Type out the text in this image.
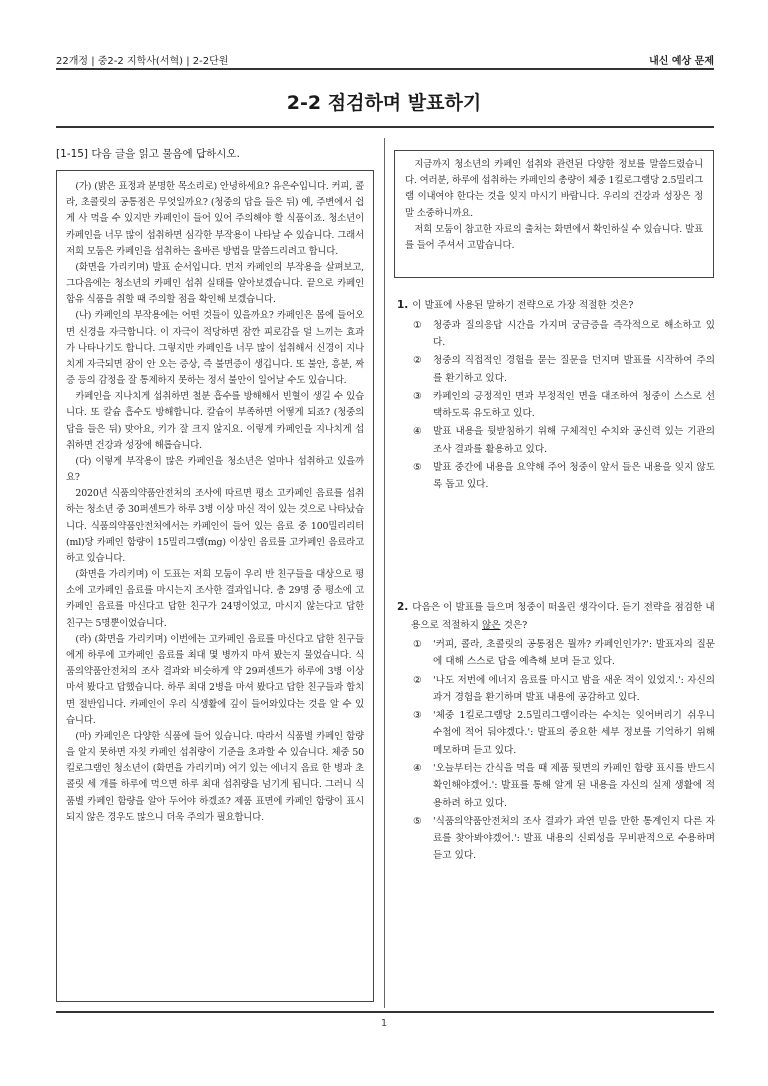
22개정 | 중2-2 지학사(서혁) | 2-2단원	내신 예상 문제
2-2 점검하며 발표하기
[1-15] 다음 글을 읽고 물음에 답하시오.

(가) (밝은 표정과 분명한 목소리로) 안녕하세요? 유은수입니다. 커피, 콜라, 초콜릿의 공통점은 무엇일까요? (청중의 답을 들은 뒤) 예, 주변에서 쉽게 사 먹을 수 있지만 카페인이 들어 있어 주의해야 할 식품이죠. 청소년이 카페인을 너무 많이 섭취하면 심각한 부작용이 나타날 수 있습니다. 그래서 저희 모둠은 카페인을 섭취하는 올바른 방법을 말씀드리려고 합니다.

(화면을 가리키며) 발표 순서입니다. 먼저 카페인의 부작용을 살펴보고, 그다음에는 청소년의 카페인 섭취 실태를 알아보겠습니다. 끝으로 카페인 함유 식품을 취할 때 주의할 점을 확인해 보겠습니다.

(나) 카페인의 부작용에는 어떤 것들이 있을까요? 카페인은 몸에 들어오면 신경을 자극합니다. 이 자극이 적당하면 잠깐 피로감을 덜 느끼는 효과가 나타나기도 합니다. 그렇지만 카페인을 너무 많이 섭취해서 신경이 지나치게 자극되면 잠이 안 오는 증상, 즉 불면증이 생깁니다. 또 불안, 흥분, 짜증 등의 감정을 잘 통제하지 못하는 정서 불안이 일어날 수도 있습니다.

카페인을 지나치게 섭취하면 철분 흡수를 방해해서 빈혈이 생길 수 있습니다. 또 칼슘 흡수도 방해합니다. 칼슘이 부족하면 어떻게 되죠? (청중의 답을 들은 뒤) 맞아요, 키가 잘 크지 않지요. 이렇게 카페인을 지나치게 섭취하면 건강과 성장에 해롭습니다.

(다) 이렇게 부작용이 많은 카페인을 청소년은 얼마나 섭취하고 있을까요?

2020년 식품의약품안전처의 조사에 따르면 평소 고카페인 음료를 섭취하는 청소년 중 30퍼센트가 하루 3병 이상 마신 적이 있는 것으로 나타났습니다. 식품의약품안전처에서는 카페인이 들어 있는 음료 중 100밀리리터(ml)당 카페인 함량이 15밀리그램(mg) 이상인 음료를 고카페인 음료라고 하고 있습니다.

(화면을 가리키며) 이 도표는 저희 모둠이 우리 반 친구들을 대상으로 평소에 고카페인 음료를 마시는지 조사한 결과입니다. 총 29명 중 평소에 고카페인 음료를 마신다고 답한 친구가 24명이었고, 마시지 않는다고 답한 친구는 5명뿐이었습니다.

(라) (화면을 가리키며) 이번에는 고카페인 음료를 마신다고 답한 친구들에게 하루에 고카페인 음료를 최대 몇 병까지 마셔 봤는지 물었습니다. 식품의약품안전처의 조사 결과와 비슷하게 약 29퍼센트가 하루에 3병 이상 마셔 봤다고 답했습니다. 하루 최대 2병을 마셔 봤다고 답한 친구들과 합치면 절반입니다. 카페인이 우리 식생활에 깊이 들어와있다는 것을 알 수 있습니다.

(마) 카페인은 다양한 식품에 들어 있습니다. 따라서 식품별 카페인 함량을 알지 못하면 자칫 카페인 섭취량이 기준을 초과할 수 있습니다. 체중 50킬로그램인 청소년이 (화면을 가리키며) 여기 있는 에너지 음료 한 병과 초콜릿 세 개를 하루에 먹으면 하루 최대 섭취량을 넘기게 됩니다. 그러니 식품별 카페인 함량을 알아 두어야 하겠죠? 제품 표면에 카페인 함량이 표시되지 않은 경우도 많으니 더욱 주의가 필요합니다.

지금까지 청소년의 카페인 섭취와 관련된 다양한 정보를 말씀드렸습니다. 여러분, 하루에 섭취하는 카페인의 총량이 체중 1킬로그램당 2.5밀리그램 이내여야 한다는 것을 잊지 마시기 바랍니다. 우리의 건강과 성장은 정말 소중하니까요.

저희 모둠이 참고한 자료의 출처는 화면에서 확인하실 수 있습니다. 발표를 들어 주셔서 고맙습니다.

1. 이 발표에 사용된 말하기 전략으로 가장 적절한 것은?
① 청중과 질의응답 시간을 가지며 궁금증을 즉각적으로 해소하고 있다.
② 청중의 직접적인 경험을 묻는 질문을 던지며 발표를 시작하여 주의를 환기하고 있다.
③ 카페인의 긍정적인 면과 부정적인 면을 대조하여 청중이 스스로 선택하도록 유도하고 있다.
④ 발표 내용을 뒷받침하기 위해 구체적인 수치와 공신력 있는 기관의 조사 결과를 활용하고 있다.
⑤ 발표 중간에 내용을 요약해 주어 청중이 앞서 들은 내용을 잊지 않도록 돕고 있다.
2. 다음은 이 발표를 들으며 청중이 떠올린 생각이다. 듣기 전략을 점검한 내용으로 적절하지 않은 것은?
① '커피, 콜라, 초콜릿의 공통점은 뭘까? 카페인인가?': 발표자의 질문에 대해 스스로 답을 예측해 보며 듣고 있다.
② '나도 저번에 에너지 음료를 마시고 밤을 새운 적이 있었지.': 자신의 과거 경험을 환기하며 발표 내용에 공감하고 있다.
③ '체중 1킬로그램당 2.5밀리그램이라는 수치는 잊어버리기 쉬우니 수첩에 적어 둬야겠다.': 발표의 중요한 세부 정보를 기억하기 위해 메모하며 듣고 있다.
④ '오늘부터는 간식을 먹을 때 제품 뒷면의 카페인 함량 표시를 반드시 확인해야겠어.': 발표를 통해 알게 된 내용을 자신의 실제 생활에 적용하려 하고 있다.
⑤ '식품의약품안전처의 조사 결과가 과연 믿을 만한 통계인지 다른 자료를 찾아봐야겠어.': 발표 내용의 신뢰성을 무비판적으로 수용하며 듣고 있다.
1
